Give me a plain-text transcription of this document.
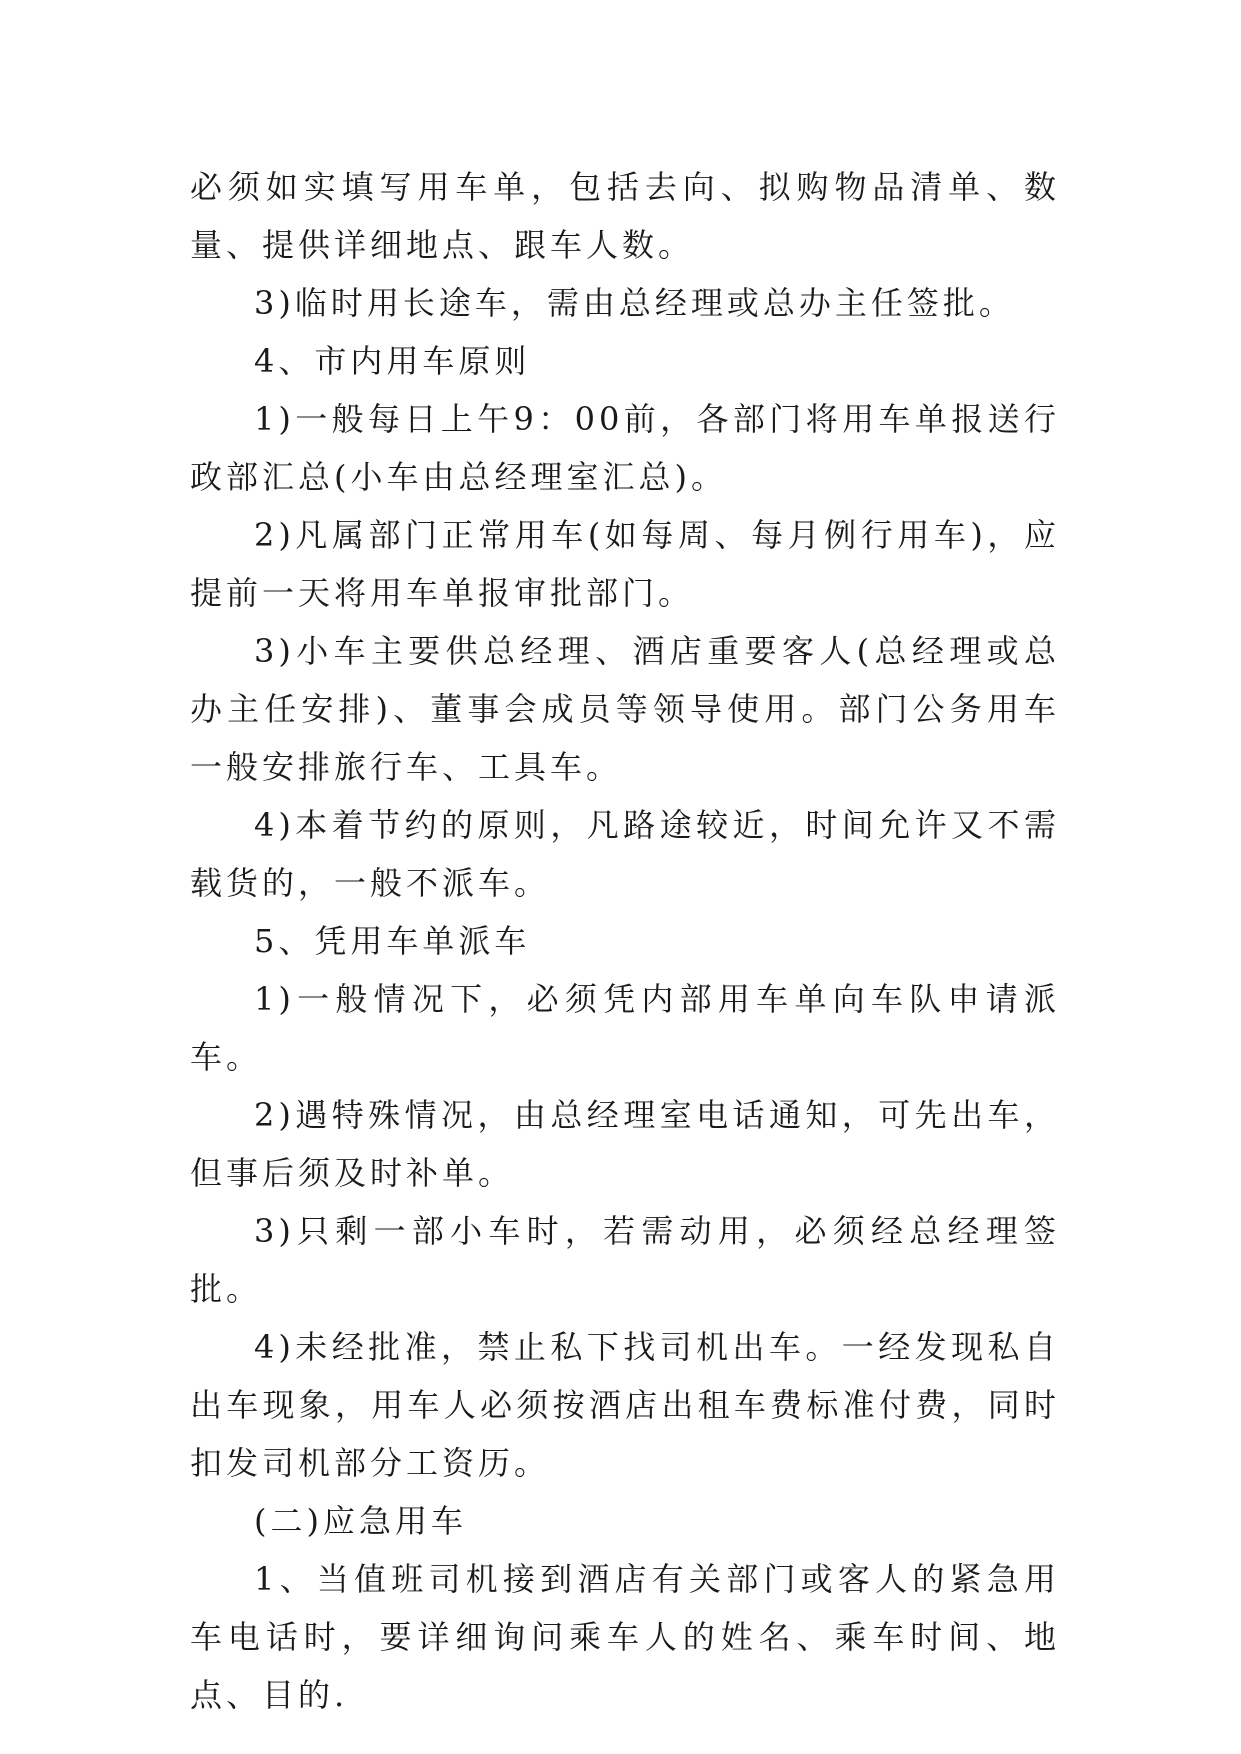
必须如实填写用车单，包括去向、拟购物品清单、数量、提供详细地点、跟车人数。

3)临时用长途车，需由总经理或总办主任签批。

4、市内用车原则

1)一般每日上午9：00前，各部门将用车单报送行政部汇总(小车由总经理室汇总)。

2)凡属部门正常用车(如每周、每月例行用车)，应提前一天将用车单报审批部门。

3)小车主要供总经理、酒店重要客人(总经理或总办主任安排)、董事会成员等领导使用。部门公务用车一般安排旅行车、工具车。

4)本着节约的原则，凡路途较近，时间允许又不需载货的，一般不派车。

5、凭用车单派车

1)一般情况下，必须凭内部用车单向车队申请派车。

2)遇特殊情况，由总经理室电话通知，可先出车，但事后须及时补单。

3)只剩一部小车时，若需动用，必须经总经理签批。

4)未经批准，禁止私下找司机出车。一经发现私自出车现象，用车人必须按酒店出租车费标准付费，同时扣发司机部分工资历。

(二)应急用车

1、当值班司机接到酒店有关部门或客人的紧急用车电话时，要详细询问乘车人的姓名、乘车时间、地点、目的.
